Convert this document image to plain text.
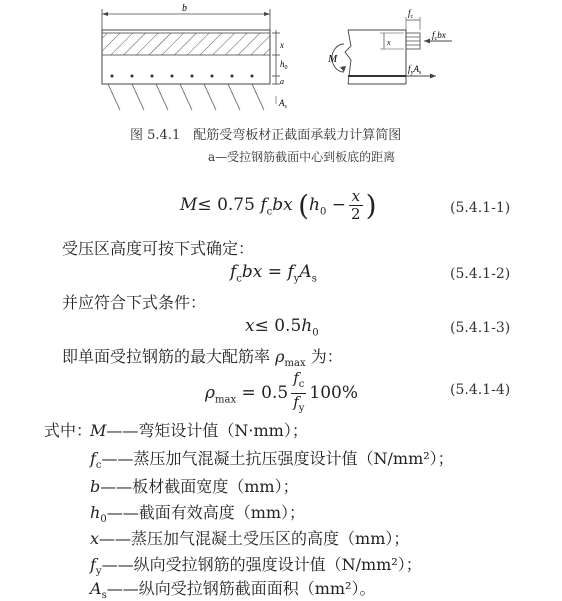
b
x
$h_0$
a
$A_s$
M
$f_c$
x
$f_cbx$
$f_yA_s$
图 5.4.1　配筋受弯板材正截面承载力计算简图
a—受拉钢筋截面中心到板底的距离
M≤ 0.75 $f_cbx$ ($h_0 - \frac{x}{2}$ )	(5.4.1-1)
受压区高度可按下式确定：
$f_cbx = f_yA_s$	(5.4.1-2)
并应符合下式条件：
$x\le 0.5h_0$	(5.4.1-3)
即单面受拉钢筋的最大配筋率 $\rho_{max}$ 为：
$\rho_{max} = 0.5 \frac{f_c}{f_y} 100\%$	(5.4.1-4)
式中：
M——弯矩设计值（N·mm）；
$f_c——$蒸压加气混凝土抗压强度设计值（N/mm²）；
b——板材截面宽度（mm）；
$h_0——$截面有效高度（mm）；
x——蒸压加气混凝土受压区的高度（mm）；
$f_y——$纵向受拉钢筋的强度设计值（N/mm²）；
$A_s——$纵向受拉钢筋截面面积（mm²）。
